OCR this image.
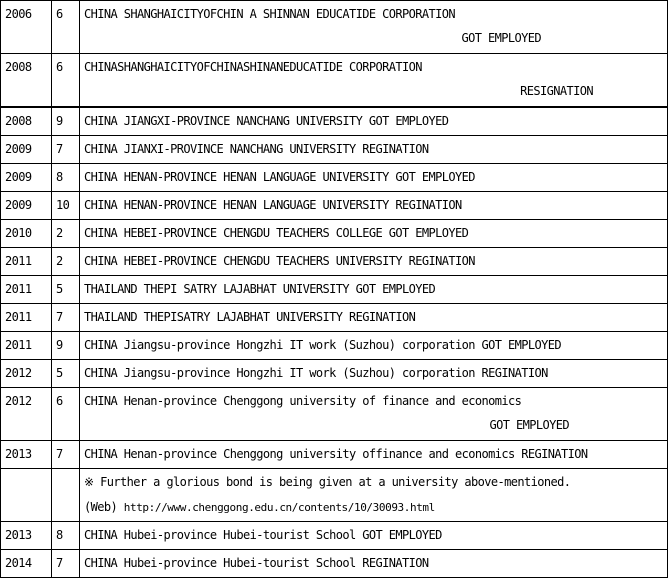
2006	6	CHINA SHANGHAICITYOFCHIN A SHINNAN EDUCATIDE CORPORATION
GOT EMPLOYED

2008	6	CHINASHANGHAICITYOFCHINASHINANEDUCATIDE CORPORATION
RESIGNATION

2008	9	CHINA JIANGXI-PROVINCE NANCHANG UNIVERSITY GOT EMPLOYED
2009	7	CHINA JIANXI-PROVINCE NANCHANG UNIVERSITY REGINATION
2009	8	CHINA HENAN-PROVINCE HENAN LANGUAGE UNIVERSITY GOT EMPLOYED
2009	10	CHINA HENAN-PROVINCE HENAN LANGUAGE UNIVERSITY REGINATION
2010	2	CHINA HEBEI-PROVINCE CHENGDU TEACHERS COLLEGE GOT EMPLOYED
2011	2	CHINA HEBEI-PROVINCE CHENGDU TEACHERS UNIVERSITY REGINATION
2011	5	THAILAND THEPI SATRY LAJABHAT UNIVERSITY GOT EMPLOYED
2011	7	THAILAND THEPISATRY LAJABHAT UNIVERSITY REGINATION
2011	9	CHINA Jiangsu-province Hongzhi IT work (Suzhou) corporation GOT EMPLOYED
2012	5	CHINA Jiangsu-province Hongzhi IT work (Suzhou) corporation REGINATION
2012	6	CHINA Henan-province Chenggong university of finance and economics
GOT EMPLOYED

2013	7	CHINA Henan-province Chenggong university offinance and economics REGINATION

		※ Further a glorious bond is being given at a university above-mentioned.
(Web) http://www.chenggong.edu.cn/contents/10/30093.html

2013	8	CHINA Hubei-province Hubei-tourist School GOT EMPLOYED
2014	7	CHINA Hubei-province Hubei-tourist School REGINATION
